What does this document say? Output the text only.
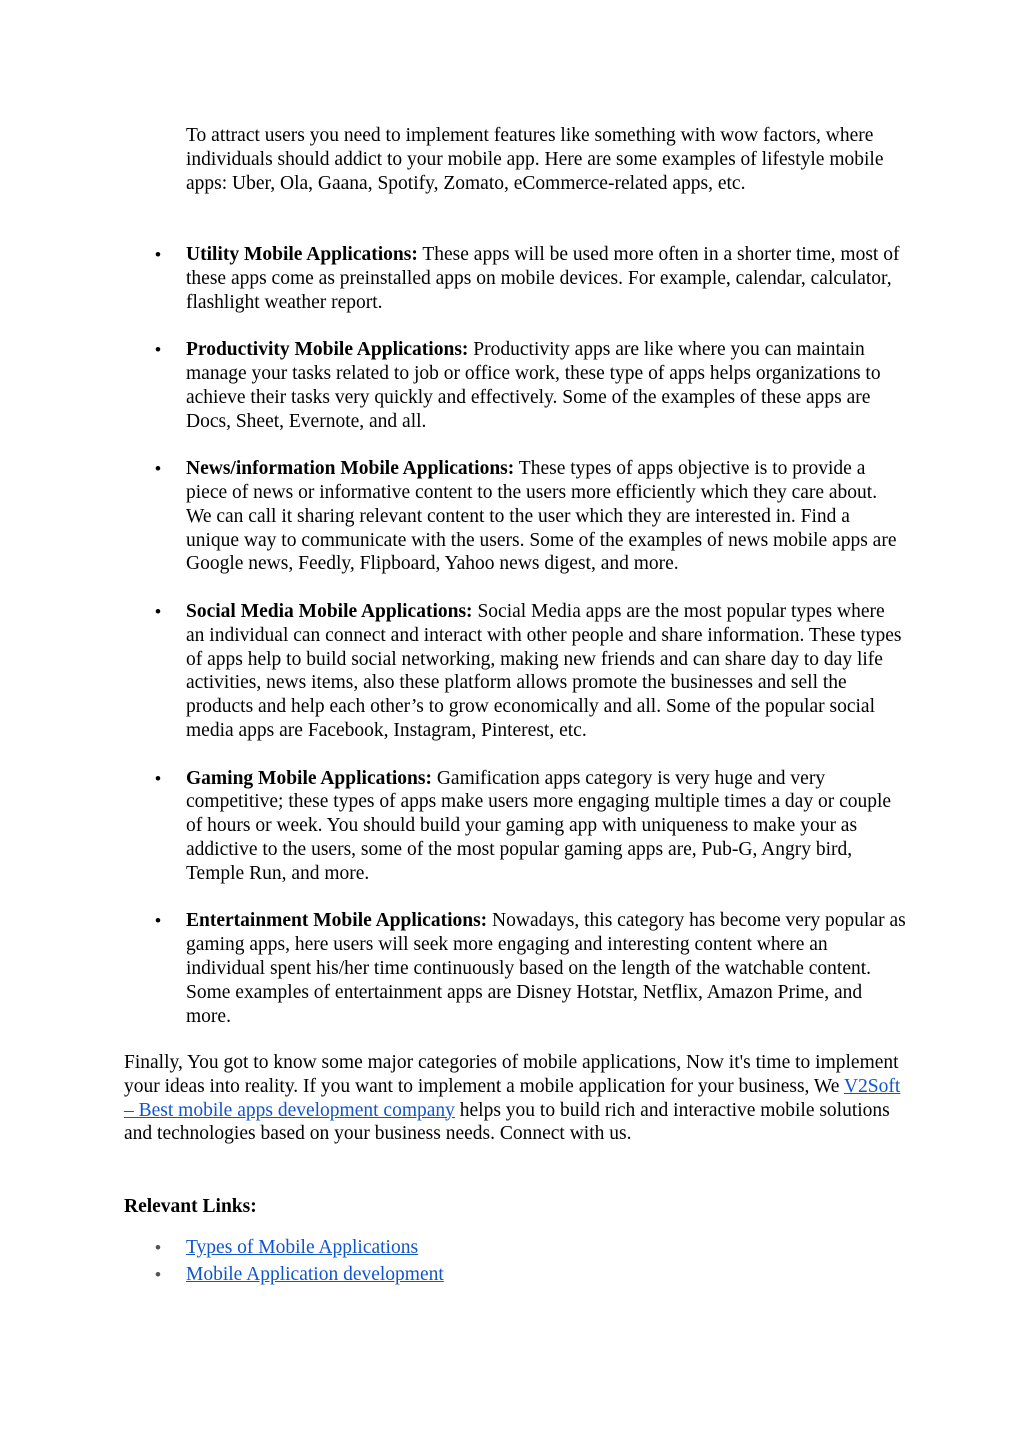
To attract users you need to implement features like something with wow factors, where individuals should addict to your mobile app. Here are some examples of lifestyle mobile apps: Uber, Ola, Gaana, Spotify, Zomato, eCommerce-related apps, etc.

• Utility Mobile Applications: These apps will be used more often in a shorter time, most of these apps come as preinstalled apps on mobile devices. For example, calendar, calculator, flashlight weather report.
• Productivity Mobile Applications: Productivity apps are like where you can maintain manage your tasks related to job or office work, these type of apps helps organizations to achieve their tasks very quickly and effectively. Some of the examples of these apps are Docs, Sheet, Evernote, and all.
• News/information Mobile Applications: These types of apps objective is to provide a piece of news or informative content to the users more efficiently which they care about. We can call it sharing relevant content to the user which they are interested in. Find a unique way to communicate with the users. Some of the examples of news mobile apps are Google news, Feedly, Flipboard, Yahoo news digest, and more.
• Social Media Mobile Applications: Social Media apps are the most popular types where an individual can connect and interact with other people and share information. These types of apps help to build social networking, making new friends and can share day to day life activities, news items, also these platform allows promote the businesses and sell the products and help each other’s to grow economically and all. Some of the popular social media apps are Facebook, Instagram, Pinterest, etc.
• Gaming Mobile Applications: Gamification apps category is very huge and very competitive; these types of apps make users more engaging multiple times a day or couple of hours or week. You should build your gaming app with uniqueness to make your as addictive to the users, some of the most popular gaming apps are, Pub-G, Angry bird, Temple Run, and more.
• Entertainment Mobile Applications: Nowadays, this category has become very popular as gaming apps, here users will seek more engaging and interesting content where an individual spent his/her time continuously based on the length of the watchable content. Some examples of entertainment apps are Disney Hotstar, Netflix, Amazon Prime, and more.

Finally, You got to know some major categories of mobile applications, Now it's time to implement your ideas into reality. If you want to implement a mobile application for your business, We V2Soft – Best mobile apps development company helps you to build rich and interactive mobile solutions and technologies based on your business needs. Connect with us.

Relevant Links:

• Types of Mobile Applications
• Mobile Application development
